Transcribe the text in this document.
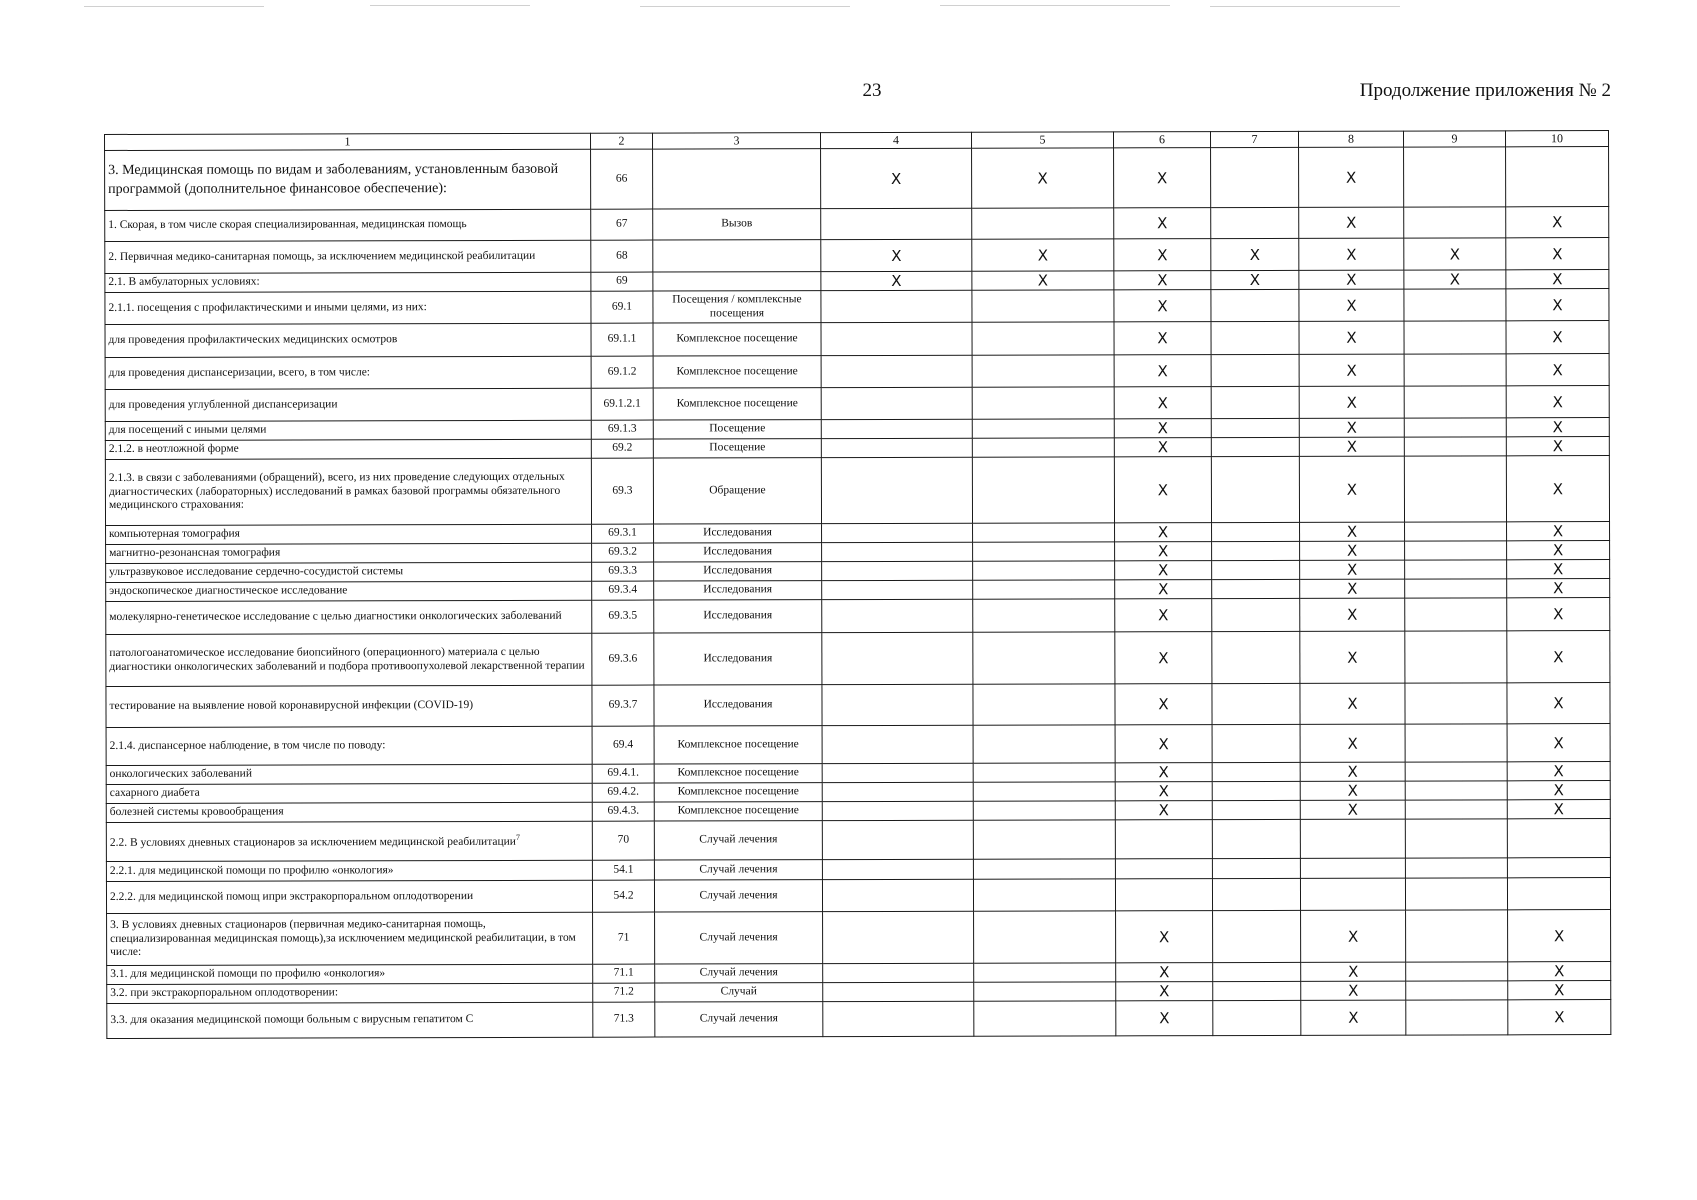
23	Продолжение приложения № 2
1	2	3	4	5	6	7	8	9	10
3. Медицинская помощь по видам и заболеваниям, установленным базовой программой (дополнительное финансовое обеспечение):	66		X	X	X		X		
1. Скорая, в том числе скорая специализированная, медицинская помощь	67	Вызов			X		X		X
2. Первичная медико-санитарная помощь, за исключением медицинской реабилитации	68		X	X	X	X	X	X	X
2.1. В амбулаторных условиях:	69		X	X	X	X	X	X	X
2.1.1. посещения с профилактическими и иными целями, из них:	69.1	Посещения / комплексные посещения			X		X		X
для проведения профилактических медицинских осмотров	69.1.1	Комплексное посещение			X		X		X
для проведения диспансеризации, всего, в том числе:	69.1.2	Комплексное посещение			X		X		X
для проведения углубленной диспансеризации	69.1.2.1	Комплексное посещение			X		X		X
для посещений с иными целями	69.1.3	Посещение			X		X		X
2.1.2. в неотложной форме	69.2	Посещение			X		X		X
2.1.3. в связи с заболеваниями (обращений), всего, из них проведение следующих отдельных диагностических (лабораторных) исследований в рамках базовой программы обязательного медицинского страхования:	69.3	Обращение			X		X		X
компьютерная томография	69.3.1	Исследования			X		X		X
магнитно-резонансная томография	69.3.2	Исследования			X		X		X
ультразвуковое исследование сердечно-сосудистой системы	69.3.3	Исследования			X		X		X
эндоскопическое диагностическое исследование	69.3.4	Исследования			X		X		X
молекулярно-генетическое исследование с целью диагностики онкологических заболеваний	69.3.5	Исследования			X		X		X
патологоанатомическое исследование биопсийного (операционного) материала с целью диагностики онкологических заболеваний и подбора противоопухолевой лекарственной терапии	69.3.6	Исследования			X		X		X
тестирование на выявление новой коронавирусной инфекции (COVID-19)	69.3.7	Исследования			X		X		X
2.1.4. диспансерное наблюдение, в том числе по поводу:	69.4	Комплексное посещение			X		X		X
онкологических заболеваний	69.4.1.	Комплексное посещение			X		X		X
сахарного диабета	69.4.2.	Комплексное посещение			X		X		X
болезней системы кровообращения	69.4.3.	Комплексное посещение			X		X		X
2.2. В условиях дневных стационаров за исключением медицинской реабилитации$^7$	70	Случай лечения							
2.2.1. для медицинской помощи по профилю «онкология»	54.1	Случай лечения							
2.2.2. для медицинской помощ ипри экстракорпоральном оплодотворении	54.2	Случай лечения							
3. В условиях дневных стационаров (первичная медико-санитарная помощь, специализированная медицинская помощь),за исключением медицинской реабилитации, в том числе:	71	Случай лечения			X		X		X
3.1. для медицинской помощи по профилю «онкология»	71.1	Случай лечения			X		X		X
3.2. при экстракорпоральном оплодотворении:	71.2	Случай			X		X		X
3.3. для оказания медицинской помощи больным с вирусным гепатитом С	71.3	Случай лечения			X		X		X
